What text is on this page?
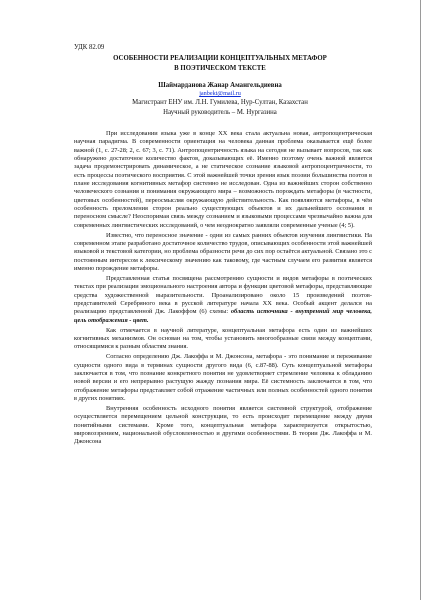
УДК 82.09
ОСОБЕННОСТИ РЕАЛИЗАЦИИ КОНЦЕПТУАЛЬНЫХ МЕТАФОР
В ПОЭТИЧЕСКОМ ТЕКСТЕ
Шаймарданова Жанар Амангельдиевна
janbekt@mail.ru
Магистрант ЕНУ им. Л.Н. Гумилева, Нур-Султан, Казахстан
Научный руководитель – М. Нургазина

При исследовании языка уже в конце XX века стала актуальна новая, антропоцентрическая научная парадигма. В современности ориентация на человека данная проблема оказывается ещё более важной (1, с. 27-28; 2, с. 67; 3, с. 71). Антропоцентричность языка на сегодня не вызывает вопросов, так как обнаружено достаточное количество фактов, доказывающих её. Именно поэтому очень важной является задача продемонстрировать динамическое, а не статическое сознание языковой антропоцентричности, то есть процессы поэтического восприятия. С этой важнейшей точки зрения язык поэзии большинства поэтов в плане исследования когнитивных метафор системно не исследован. Одна из важнейших сторон собственно человеческого сознания и понимания окружающего мира – возможность порождать метафоры (в частности, цветовых особенностей), переосмысляя окружающую действительность. Как появляются метафоры, в чём особенность преломления сторон реально существующих объектов и их дальнейшего осознания в переносном смысле? Неоспоримая связь между сознанием и языковыми процессами чрезвычайно важна для современных лингвистических исследований, о чем неоднократно заявляли современные ученые (4; 5).

Известно, что переносное значение - одни из самых ранних объектов изучения лингвистики. На современном этапе разработано достаточное количество трудов, описывающих особенности этой важнейшей языковой и текстовой категории, но проблема образности речи до сих пор остаётся актуальной. Связано это с постоянным интересом к лексическому значению как таковому, где частным случаем его развития является именно порождение метафоры.

Представленная статья посвящена рассмотрению сущности и видов метафоры в поэтических текстах при реализации эмоционального настроения автора и функции цветовой метафоры, представляющие средства художественной выразительности. Проанализировано около 15 произведений поэтов-представителей Серебряного века в русской литературе начала XX века. Особый акцент делался на реализацию представленной Дж. Лакоффом (6) схемы: область источника - внутренний мир человека, цель отображения - цвет.

Как отмечается в научной литературе, концептуальная метафора есть один из важнейших когнитивных механизмов. Он основан на том, чтобы установить многообразные связи между концептами, относящимися к разным областям знания.

Согласно определению Дж. Лакоффа и М. Джонсона, метафора - это понимание и переживание сущности одного вида в терминах сущности другого вида (6, с.87-88). Суть концептуальной метафоры заключается в том, что познание конкретного понятия не удовлетворяет стремление человека к обладанию новой версии и его непрерывно растущую жажду познания мира. Её системность заключается в том, что отображение метафоры представляет собой отражение частичных или полных особенностей одного понятия в других понятиях.

Внутренняя особенность исходного понятия является системной структурой, отображение осуществляется перемещением цельной конструкции, то есть происходит перемещение между двумя понятийными системами. Кроме того, концептуальная метафора характеризуется открытостью, мировоззрением, национальной обусловленностью и другими особенностями. В теории Дж. Лакоффа и М. Джонсона
